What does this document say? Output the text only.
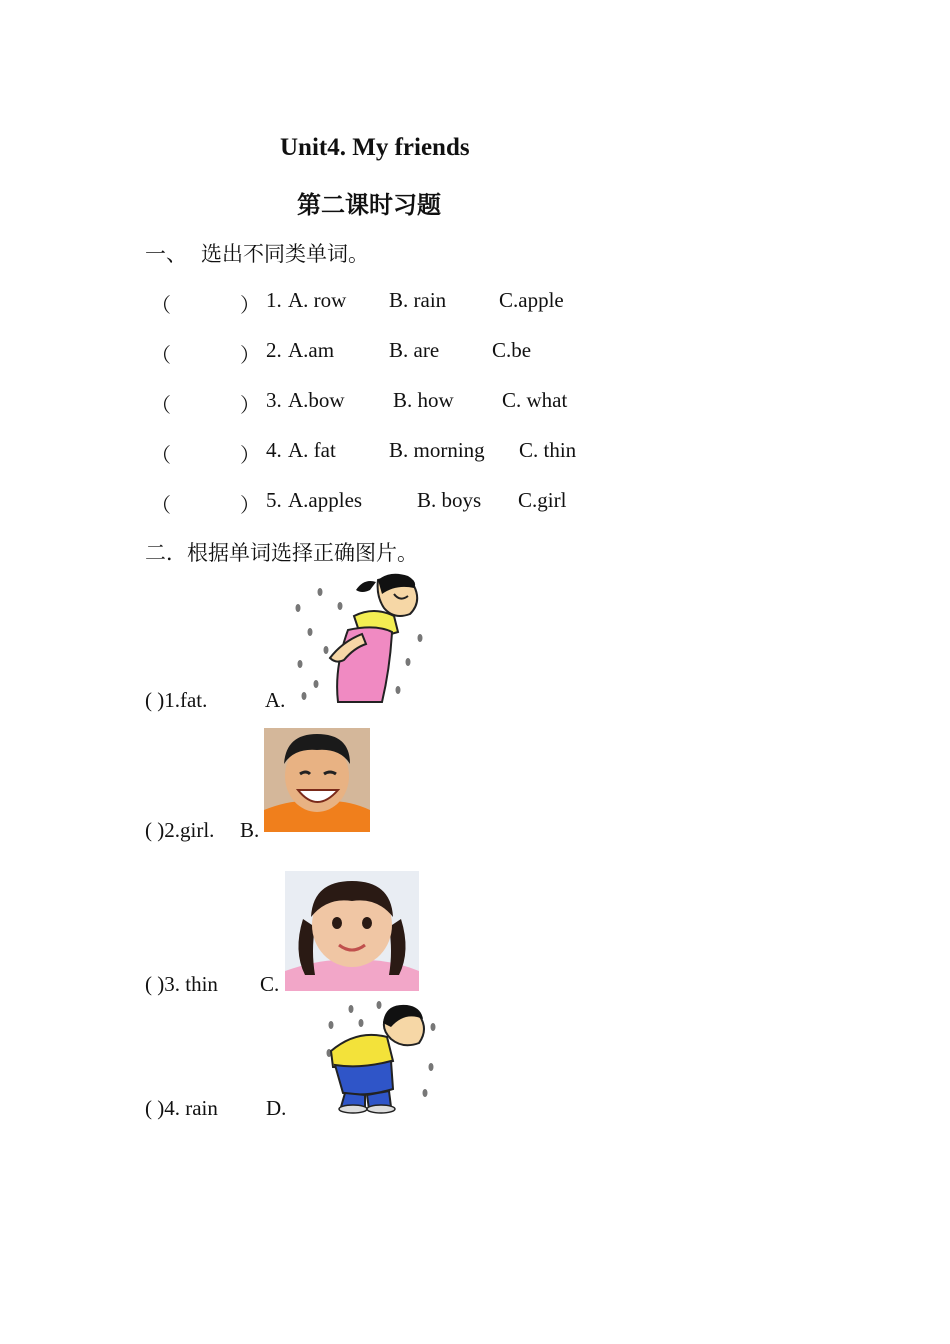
Unit4. My friends
第二课时习题
一、 选出不同类单词。
（	） 1. A. row B. rain	C.apple
（	） 2. A.am	B. are	C.be
（	） 3. A.bow B. how C. what
（	） 4. A. fat	B. morning C. thin
（	） 5. A.apples	B. boys C.girl
二．根据单词选择正确图片。
( )1.fat.	A.
( )2.girl. B.
( )3. thin C.
( )4. rain D.
